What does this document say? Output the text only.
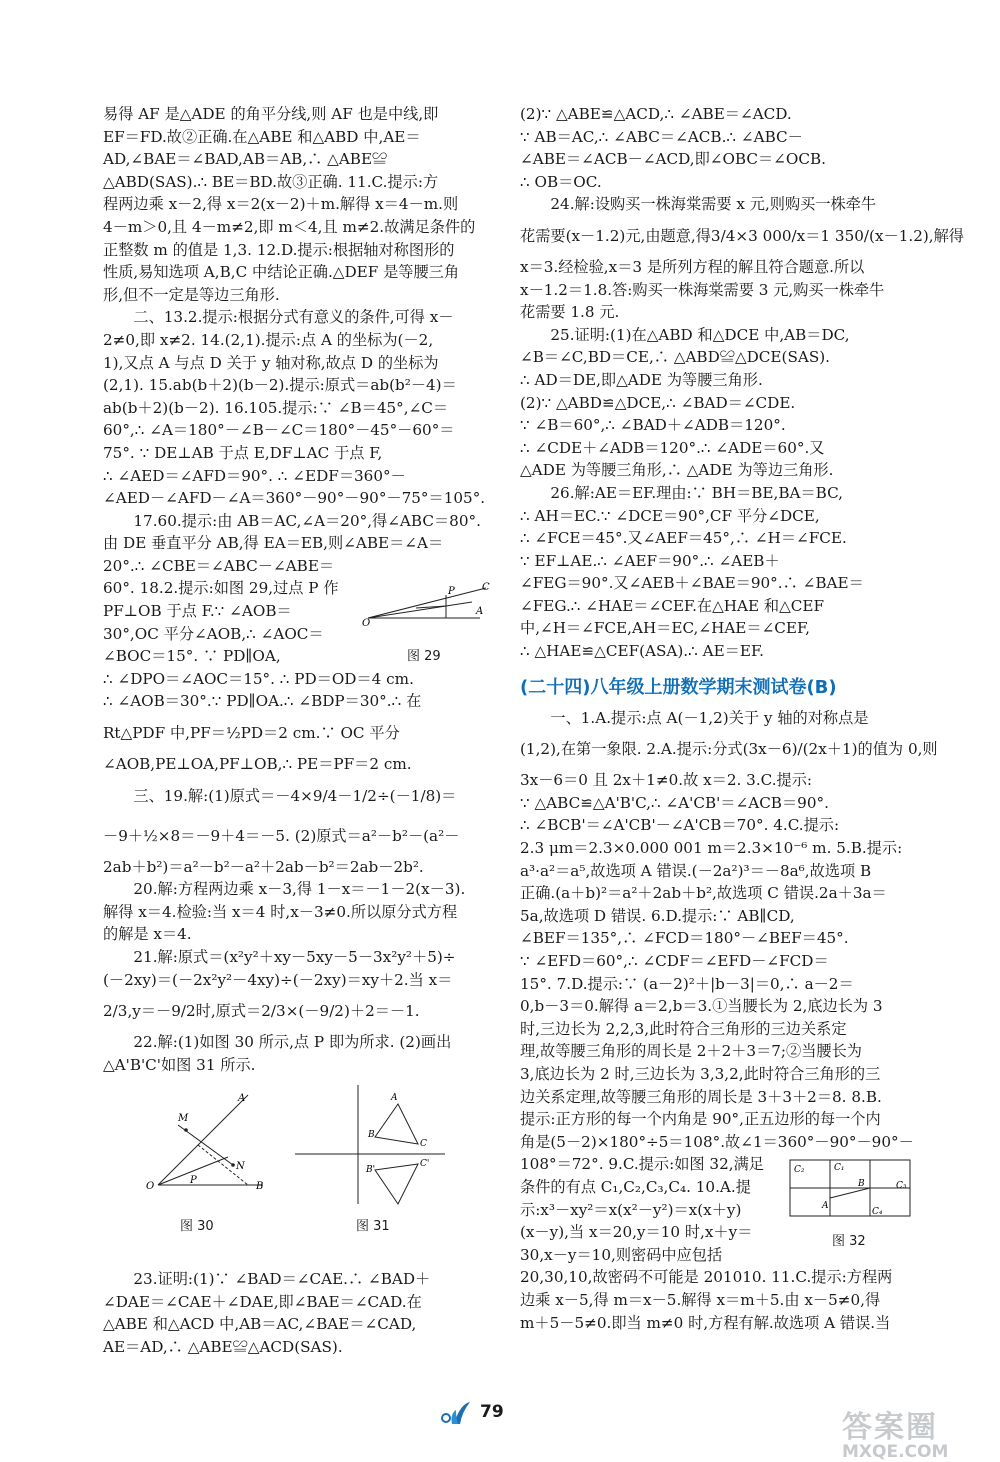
易得 AF 是△ADE 的角平分线,则 AF 也是中线,即
EF＝FD.故②正确.在△ABE 和△ABD 中,AE＝
AD,∠BAE＝∠BAD,AB＝AB,∴ △ABE≌
△ABD(SAS).∴ BE＝BD.故③正确. 11.C.提示:方
程两边乘 x－2,得 x＝2(x－2)＋m.解得 x＝4－m.则
4－m＞0,且 4－m≠2,即 m＜4,且 m≠2.故满足条件的
正整数 m 的值是 1,3. 12.D.提示:根据轴对称图形的
性质,易知选项 A,B,C 中结论正确.△DEF 是等腰三角
形,但不一定是等边三角形.
二、13.2.提示:根据分式有意义的条件,可得 x－
2≠0,即 x≠2. 14.(2,1).提示:点 A 的坐标为(－2,
1),又点 A 与点 D 关于 y 轴对称,故点 D 的坐标为
(2,1). 15.ab(b＋2)(b－2).提示:原式＝ab(b²－4)＝
ab(b＋2)(b－2). 16.105.提示:∵ ∠B＝45°,∠C＝
60°,∴ ∠A＝180°－∠B－∠C＝180°－45°－60°＝
75°. ∵ DE⊥AB 于点 E,DF⊥AC 于点 F,
∴ ∠AED＝∠AFD＝90°. ∴ ∠EDF＝360°－
∠AED－∠AFD－∠A＝360°－90°－90°－75°＝105°.
17.60.提示:由 AB＝AC,∠A＝20°,得∠ABC＝80°.
由 DE 垂直平分 AB,得 EA＝EB,则∠ABE＝∠A＝
20°.∴ ∠CBE＝∠ABC－∠ABE＝
60°. 18.2.提示:如图 29,过点 P 作
PF⊥OB 于点 F.∵ ∠AOB＝
30°,OC 平分∠AOB,∴ ∠AOC＝
∠BOC＝15°. ∵ PD∥OA,
∴ ∠DPO＝∠AOC＝15°. ∴ PD＝OD＝4 cm.
∴ ∠AOB＝30°.∵ PD∥OA.∴ ∠BDP＝30°.∴ 在
Rt△PDF 中,PF＝½PD＝2 cm.∵ OC 平分
∠AOB,PE⊥OA,PF⊥OB,∴ PE＝PF＝2 cm.
三、19.解:(1)原式＝－4×9/4－1/2÷(－1/8)＝
－9＋½×8＝－9＋4＝－5. (2)原式＝a²－b²－(a²－
2ab＋b²)＝a²－b²－a²＋2ab－b²＝2ab－2b².
20.解:方程两边乘 x－3,得 1－x＝－1－2(x－3).
解得 x＝4.检验:当 x＝4 时,x－3≠0.所以原分式方程
的解是 x＝4.
21.解:原式＝(x²y²＋xy－5xy－5－3x²y²＋5)÷
(－2xy)＝(－2x²y²－4xy)÷(－2xy)＝xy＋2.当 x＝
2/3,y＝－9/2时,原式＝2/3×(－9/2)＋2＝－1.
22.解:(1)如图 30 所示,点 P 即为所求. (2)画出
△A'B'C'如图 31 所示.
O
P	C
A
图 29
O	B
A
M
N
P
图 30
A
B
C
B'
C'
图 31
23.证明:(1)∵ ∠BAD＝∠CAE.∴ ∠BAD＋
∠DAE＝∠CAE＋∠DAE,即∠BAE＝∠CAD.在
△ABE 和△ACD 中,AB＝AC,∠BAE＝∠CAD,
AE＝AD,∴ △ABE≌△ACD(SAS).
(2)∵ △ABE≌△ACD,∴ ∠ABE＝∠ACD.
∵ AB＝AC,∴ ∠ABC＝∠ACB.∴ ∠ABC－
∠ABE＝∠ACB－∠ACD,即∠OBC＝∠OCB.
∴ OB＝OC.
24.解:设购买一株海棠需要 x 元,则购买一株牵牛
花需要(x－1.2)元,由题意,得3/4×3 000/x＝1 350/(x－1.2),解得
x＝3.经检验,x＝3 是所列方程的解且符合题意.所以
x－1.2＝1.8.答:购买一株海棠需要 3 元,购买一株牵牛
花需要 1.8 元.
25.证明:(1)在△ABD 和△DCE 中,AB＝DC,
∠B＝∠C,BD＝CE,∴ △ABD≌△DCE(SAS).
∴ AD＝DE,即△ADE 为等腰三角形.
(2)∵ △ABD≌△DCE,∴ ∠BAD＝∠CDE.
∵ ∠B＝60°,∴ ∠BAD＋∠ADB＝120°.
∴ ∠CDE＋∠ADB＝120°.∴ ∠ADE＝60°.又
△ADE 为等腰三角形,∴ △ADE 为等边三角形.
26.解:AE＝EF.理由:∵ BH＝BE,BA＝BC,
∴ AH＝EC.∵ ∠DCE＝90°,CF 平分∠DCE,
∴ ∠FCE＝45°.又∠AEF＝45°,∴ ∠H＝∠FCE.
∵ EF⊥AE.∴ ∠AEF＝90°.∴ ∠AEB＋
∠FEG＝90°.又∠AEB＋∠BAE＝90°.∴ ∠BAE＝
∠FEG.∴ ∠HAE＝∠CEF.在△HAE 和△CEF
中,∠H＝∠FCE,AH＝EC,∠HAE＝∠CEF,
∴ △HAE≌△CEF(ASA).∴ AE＝EF.
(二十四)八年级上册数学期末测试卷(B)
一、1.A.提示:点 A(－1,2)关于 y 轴的对称点是
(1,2),在第一象限. 2.A.提示:分式(3x－6)/(2x＋1)的值为 0,则
3x－6＝0 且 2x＋1≠0.故 x＝2. 3.C.提示:
∵ △ABC≌△A'B'C,∴ ∠A'CB'＝∠ACB＝90°.
∴ ∠BCB'＝∠A'CB'－∠A'CB＝70°. 4.C.提示:
2.3 μm＝2.3×0.000 001 m＝2.3×10⁻⁶ m. 5.B.提示:
a³·a²＝a⁵,故选项 A 错误.(－2a²)³＝－8a⁶,故选项 B
正确.(a＋b)²＝a²＋2ab＋b²,故选项 C 错误.2a＋3a＝
5a,故选项 D 错误. 6.D.提示:∵ AB∥CD,
∠BEF＝135°,∴ ∠FCD＝180°－∠BEF＝45°.
∵ ∠EFD＝60°,∴ ∠CDF＝∠EFD－∠FCD＝
15°. 7.D.提示:∵ (a－2)²＋|b－3|＝0,∴ a－2＝
0,b－3＝0.解得 a＝2,b＝3.①当腰长为 2,底边长为 3
时,三边长为 2,2,3,此时符合三角形的三边关系定
理,故等腰三角形的周长是 2＋2＋3＝7;②当腰长为
3,底边长为 2 时,三边长为 3,3,2,此时符合三角形的三
边关系定理,故等腰三角形的周长是 3＋3＋2＝8. 8.B.
提示:正方形的每一个内角是 90°,正五边形的每一个内
角是(5－2)×180°÷5＝108°.故∠1＝360°－90°－90°－
108°＝72°. 9.C.提示:如图 32,满足
条件的有点 C₁,C₂,C₃,C₄. 10.A.提
示:x³－xy²＝x(x²－y²)＝x(x＋y)
(x－y),当 x＝20,y＝10 时,x＋y＝
30,x－y＝10,则密码中应包括
20,30,10,故密码不可能是 201010. 11.C.提示:方程两
边乘 x－5,得 m＝x－5.解得 x＝m＋5.由 x－5≠0,得
m＋5－5≠0.即当 m≠0 时,方程有解.故选项 A 错误.当
C₂	C₁
B	C₃
A
C₄
图 32
79	答案圈
MXQE.COM
